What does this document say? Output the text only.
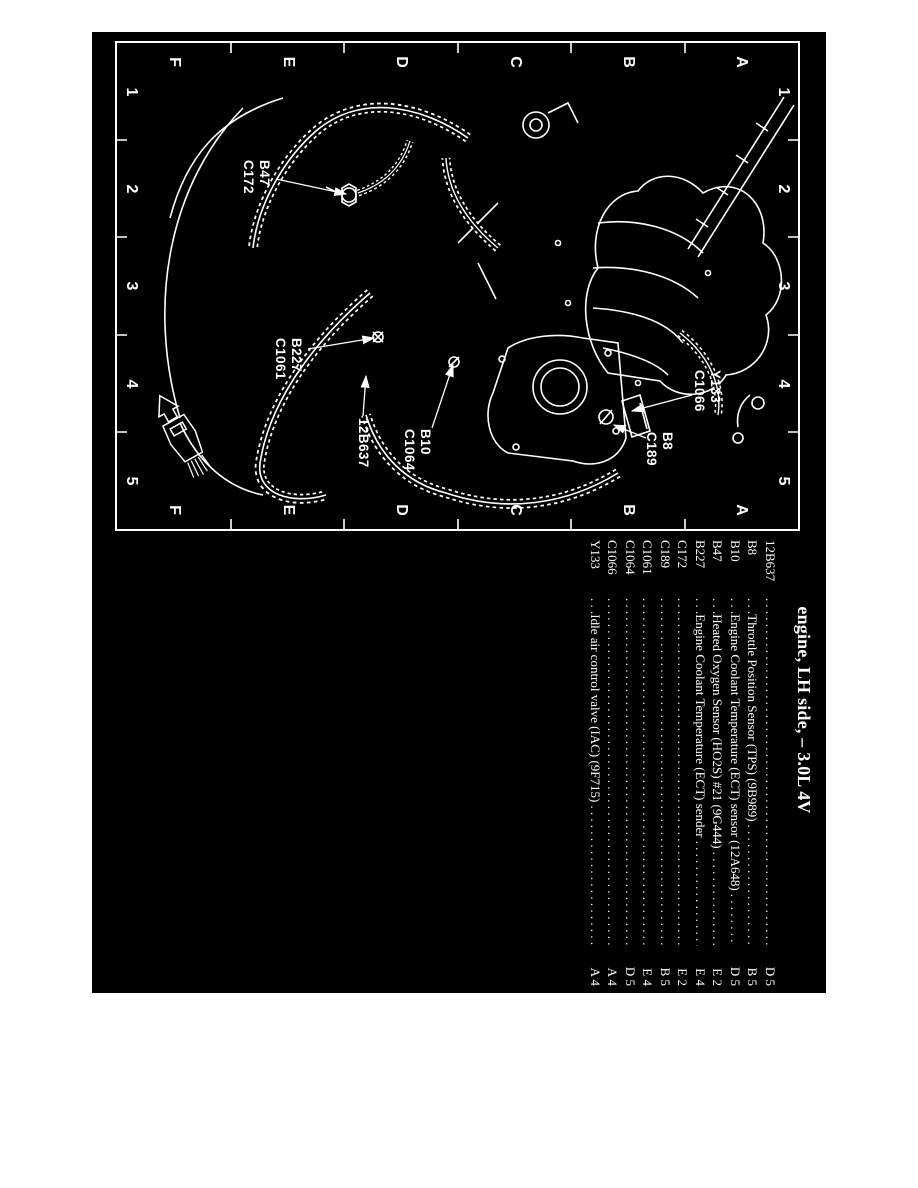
A
B
C
D
E
F
A
B
C
D
E
F
1
2
3
4
5
1
2
3
4
5
B47
C172
B227
C1061
12B637	B10
C1064	B8
C189
Y133
C1066
engine, LH side, – 3.0L 4V
12B637
. . .
. . .
D 5
B8
. . .
Throttle Position Sensor (TPS) (9B989)
. . .
B 5
B10
. . .
Engine Coolant Temperature (ECT) sensor (12A648)
. . .
D 5
B47
. . .
Heated Oxygen Sensor (HO2S) #21 (9G444)
. . .
E 2
B227
. . .
Engine Coolant Temperature (ECT) sender
. . .
E 4
C172
. . .
. . .
E 2
C189
. . .
. . .
B 5
C1061
. . .
. . .
E 4
C1064
. . .
. . .
D 5
C1066
. . .
. . .
A 4
Y133
. . .
Idle air control valve (IAC) (9F715)
. . .
A 4
